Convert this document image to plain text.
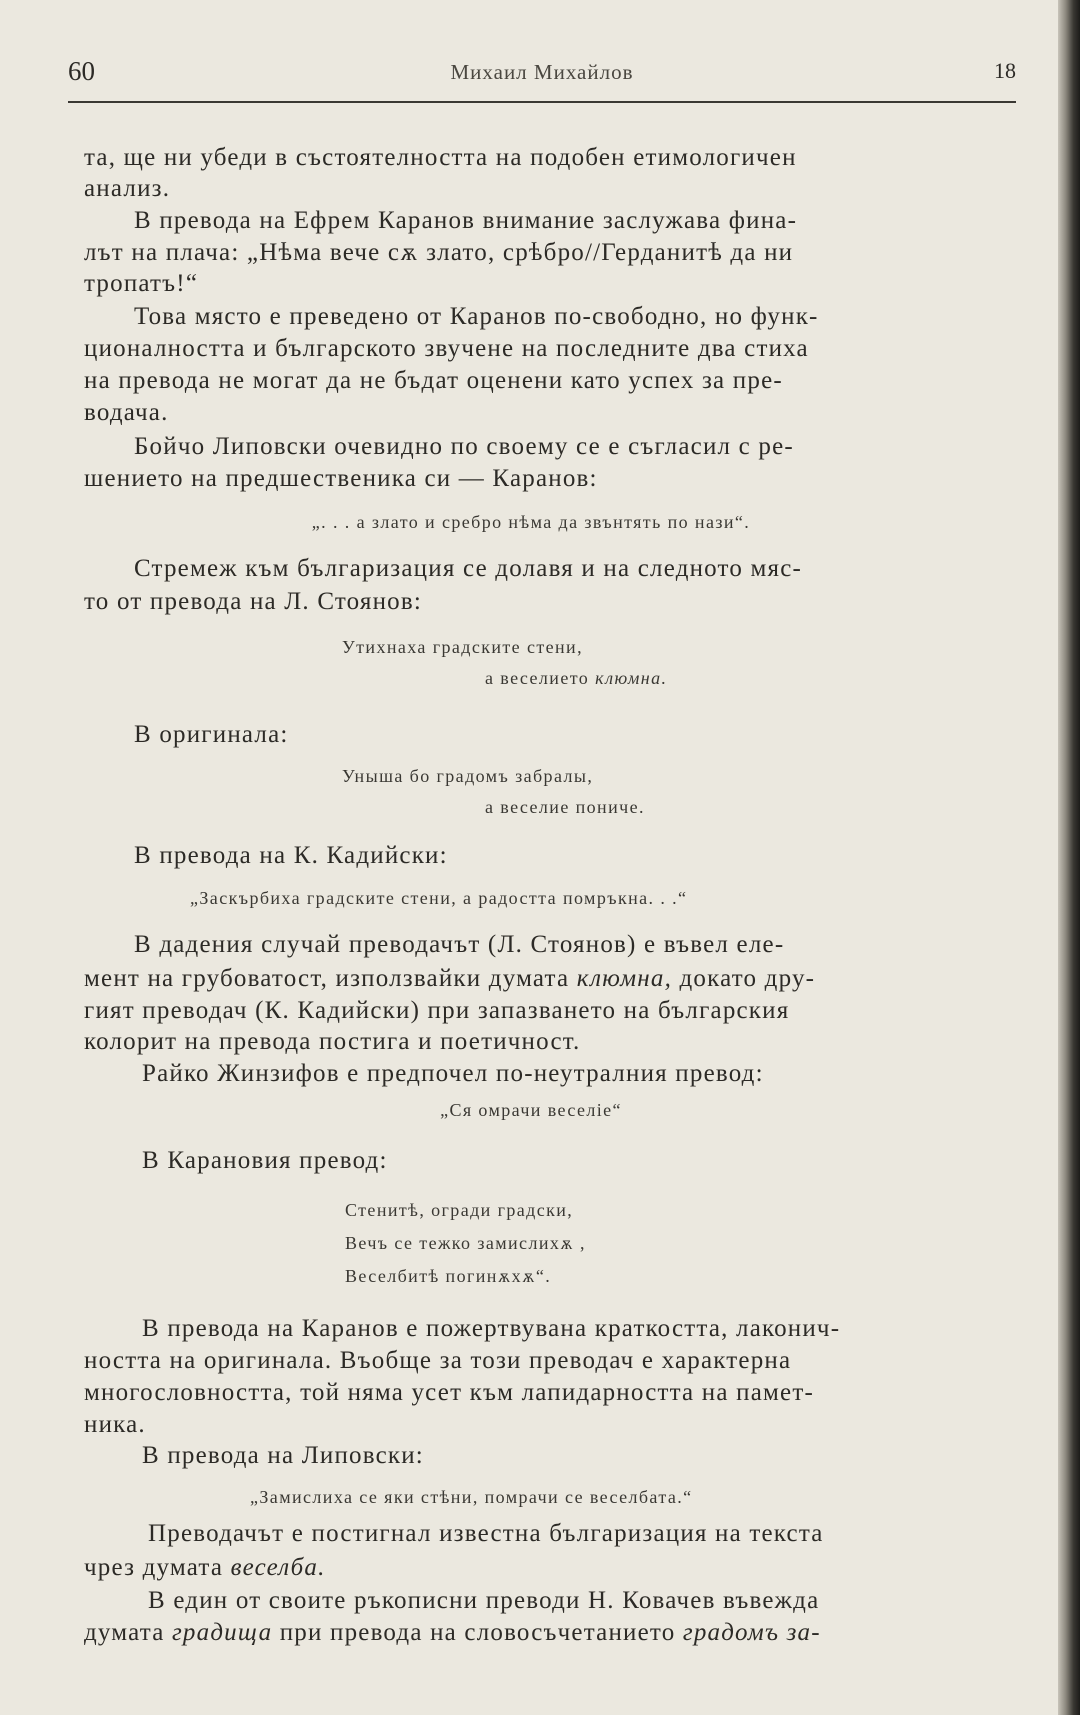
60	Михаил Михайлов	18
та, ще ни убеди в състоятелността на подобен етимологичен
анализ.
В превода на Ефрем Каранов внимание заслужава фина-
лът на плача: „Нѣма вече сѫ злато, срѣбро//Герданитѣ да ни
тропатъ!“
Това място е преведено от Каранов по-свободно, но функ-
ционалността и българското звучене на последните два стиха
на превода не могат да не бъдат оценени като успех за пре-
водача.
Бойчо Липовски очевидно по своему се е съгласил с ре-
шението на предшественика си — Каранов:
„. . . а злато и сребро нѣма да звънтять по нази“.
Стремеж към българизация се долавя и на следното мяс-
то от превода на Л. Стоянов:
Утихнаха градските стени,
а веселието клюмна.
В оригинала:
Уныша бо градомъ забралы,
а веселие пониче.
В превода на К. Кадийски:
„Заскърбиха градските стени, а радостта помръкна. . .“
В дадения случай преводачът (Л. Стоянов) е въвел еле-
мент на грубоватост, използвайки думата клюмна, докато дру-
гият преводач (К. Кадийски) при запазването на българския
колорит на превода постига и поетичност.
Райко Жинзифов е предпочел по-неутралния превод:
„Ся омрачи веселiе“
В Карановия превод:
Стенитѣ, огради градски,
Вечъ се тежко замислихѫ ,
Веселбитѣ погинѫхѫ“.
В превода на Каранов е пожертвувана краткостта, лаконич-
ността на оригинала. Въобще за този преводач е характерна
многословността, той няма усет към лапидарността на памет-
ника.
В превода на Липовски:
„Замислиха се яки стѣни, помрачи се веселбата.“
Преводачът е постигнал известна българизация на текста
чрез думата веселба.
В един от своите ръкописни преводи Н. Ковачев въвежда
думата градища при превода на словосъчетанието градомъ за-
